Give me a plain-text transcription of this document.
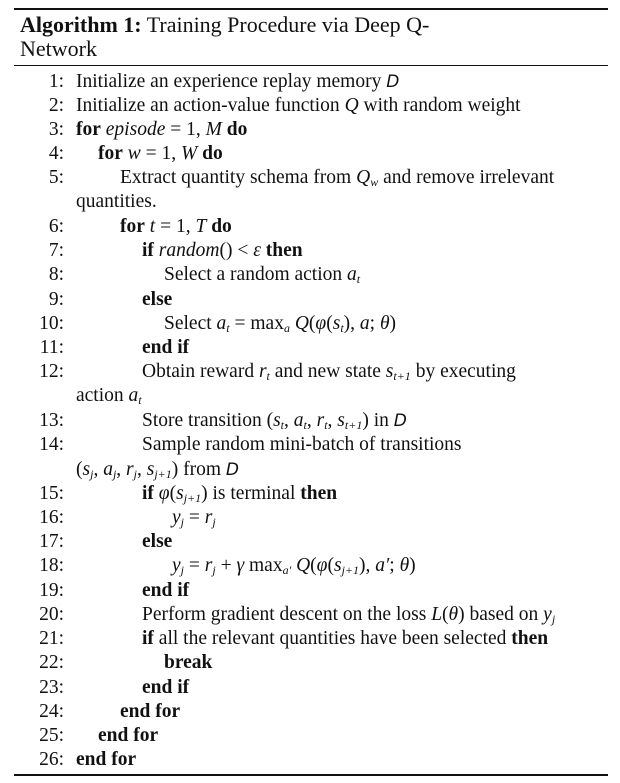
Algorithm 1: Training Procedure via Deep Q-
Network
1: Initialize an experience replay memory D
2: Initialize an action-value function Q with random weight
3: for episode = 1, M do
4: for w = 1, W do
5:	Extract quantity schema from $Q_w$ and remove irrelevant
quantities.
6:	for t = 1, T do
7:	if random() < ε then
8:	Select a random action $a_t$
9:	else
10:	Select $a_t = \max_a Q(\varphi(s_t)$, a; θ)
11:	end if
12:	Obtain reward $r_t$ and new state $s_{t+1}$ by executing
action $a_t$
13:	Store transition ($s_t$, $a_t$, $r_t$, $s_{t+1}$) in D
14:	Sample random mini-batch of transitions
($s_j$, $a_j$, $r_j$, $s_{j+1}$) from D
15:	if $\varphi(s_{j+1})$ is terminal then
16:	$y_j = r_j$
17:	else
18:	$y_j = r_j + \gamma$ $\max_{a'} Q(\varphi(s_{j+1})$, a′; θ)
19:	end if
20:	Perform gradient descent on the loss L(θ) based on $y_j$
21:	if all the relevant quantities have been selected then
22:	break
23:	end if
24:	end for
25: end for
26: end for
